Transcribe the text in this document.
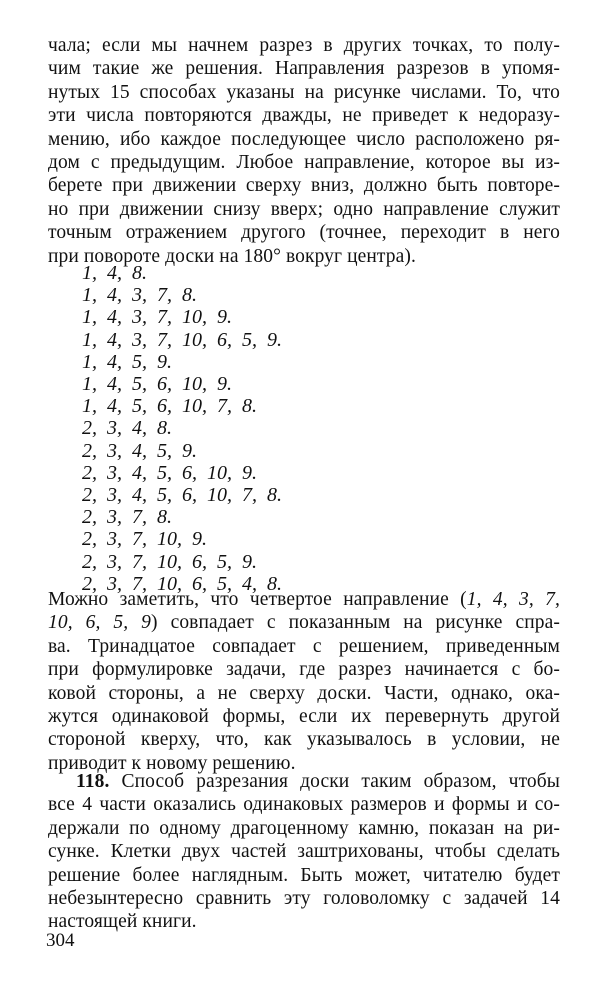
чала; если мы начнем разрез в других точках, то полу-
чим такие же решения. Направления разрезов в упомя-
нутых 15 способах указаны на рисунке числами. То, что
эти числа повторяются дважды, не приведет к недоразу-
мению, ибо каждое последующее число расположено ря-
дом с предыдущим. Любое направление, которое вы из-
берете при движении сверху вниз, должно быть повторе-
но при движении снизу вверх; одно направление служит
точным отражением другого (точнее, переходит в него
при повороте доски на 180° вокруг центра).
1,  4,  8.
1,  4,  3,  7,  8.
1,  4,  3,  7,  10,  9.
1,  4,  3,  7,  10,  6,  5,  9.
1,  4,  5,  9.
1,  4,  5,  6,  10,  9.
1,  4,  5,  6,  10,  7,  8.
2,  3,  4,  8.
2,  3,  4,  5,  9.
2,  3,  4,  5,  6,  10,  9.
2,  3,  4,  5,  6,  10,  7,  8.
2,  3,  7,  8.
2,  3,  7,  10,  9.
2,  3,  7,  10,  6,  5,  9.
2,  3,  7,  10,  6,  5,  4,  8.
Можно заметить, что четвертое направление (1, 4, 3, 7,
10, 6, 5, 9) совпадает с показанным на рисунке спра-
ва. Тринадцатое совпадает с решением, приведенным
при формулировке задачи, где разрез начинается с бо-
ковой стороны, а не сверху доски. Части, однако, ока-
жутся одинаковой формы, если их перевернуть другой
стороной кверху, что, как указывалось в условии, не
приводит к новому решению.
118. Способ разрезания доски таким образом, чтобы
все 4 части оказались одинаковых размеров и формы и со-
держали по одному драгоценному камню, показан на ри-
сунке. Клетки двух частей заштрихованы, чтобы сделать
решение более наглядным. Быть может, читателю будет
небезынтересно сравнить эту головоломку с задачей 14
настоящей книги.
304
